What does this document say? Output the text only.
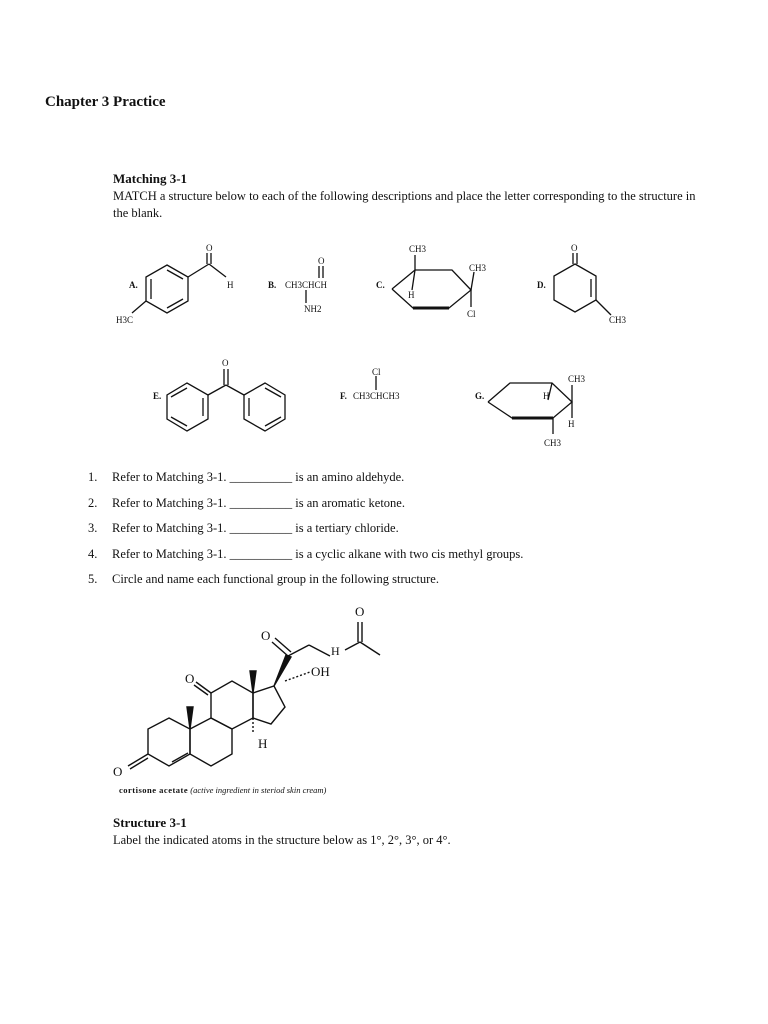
Chapter 3 Practice
Matching 3-1
MATCH a structure below to each of the following descriptions and place the letter corresponding to the structure in the blank.
A.	B.	C.	D.
E.	F.	G.
O
H
H3C
O
CH3CHCH
NH2
CH3
CH3
H
Cl
O
CH3
O
Cl
CH3CHCH3
CH3
H
H
CH3
1.	Refer to Matching 3-1. __________ is an amino aldehyde.
2.	Refer to Matching 3-1. __________ is an aromatic ketone.
3.	Refer to Matching 3-1. __________ is a tertiary chloride.
4.	Refer to Matching 3-1. __________ is a cyclic alkane with two cis methyl groups.
5.	Circle and name each functional group in the following structure.
O
O	OH
O
O
H
H
cortisone acetate (active ingredient in steriod skin cream)
Structure 3-1
Label the indicated atoms in the structure below as 1°, 2°, 3°, or 4°.
